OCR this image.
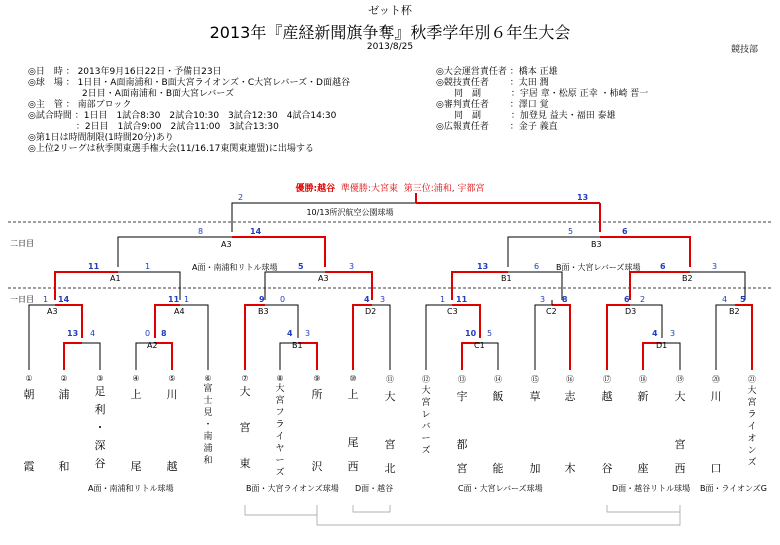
ゼット杯
2013年『産経新聞旗争奪』秋季学年別６年生大会
2013/8/25	競技部
◎日　時 ： 2013年9月16日22日・予備日23日
◎球　場 ： 1日目・A面南浦和・B面大宮ライオンズ・C大宮レバーズ・D面越谷
　　　　　　2日目・A面南浦和・B面大宮レバーズ
◎主　管 ： 南部ブロック
◎試合時間 ：1日目　1試合8:30　2試合10:30　3試合12:30　4試合14:30
　　　　　 ：2日目　1試合9:00　2試合11:00　3試合13:30
◎第1日は時間制限(1時間20分)あり
◎上位2リーグは秋季関東選手権大会(11/16.17東関東連盟)に出場する
◎大会運営責任者 ：橋本 正雄
◎競技責任者　　 ：太田 潤
　　同　副　　　 ：宇居 章・松原 正幸 ・柿崎 晋一
◎審判責任者　　 ：澤口 覚
　　同　副　　　 ：加登見 益夫・福田 泰雄
◎広報責任者　　 ：金子 義直
優勝:越谷 準優勝:大宮東 第三位:浦和, 宇都宮
二日目
一日目
10/13所沢航空公園球場
A面・南浦和リトル球場	B面・大宮レバーズ球場
A3
A1
A2
A3	A4	B3
B1
D2
B3
C3
C1
C2
B1
D3
D1
B2
B2
A3
2	13
8	14	5	6
11	1	5	3	13	6	6	3
1 14	11 1	9 0	4 3	1 11	3 8	6 2	4 5
13 4	0 8	4 3	10 5	4 3
①
朝
霞
②
浦
和
③
足
利
・
深
谷
④
上
尾
⑤
川
越
⑥
富
士
見
・
南
浦
和
⑦
大
宮
東
⑧
大
宮
フ
ラ
イ
ヤ
ー
ズ
⑨
所
沢
⑩
上
尾
西
⑪
大
宮
北
⑫
大
宮
レ
バ
ー
ズ
⑬
宇
都
宮
⑭
飯
能
⑮
草
加
⑯
志
木
⑰
越
谷
⑱
新
座
⑲
大
宮
西
⑳
川
口
㉑
大
宮
ラ
イ
オ
ン
ズ
A面・南浦和リトル球場	B面・大宮ライオンズ球場 D面・越谷	C面・大宮レバーズ球場	D面・越谷リトル球場 B面・ライオンズG
